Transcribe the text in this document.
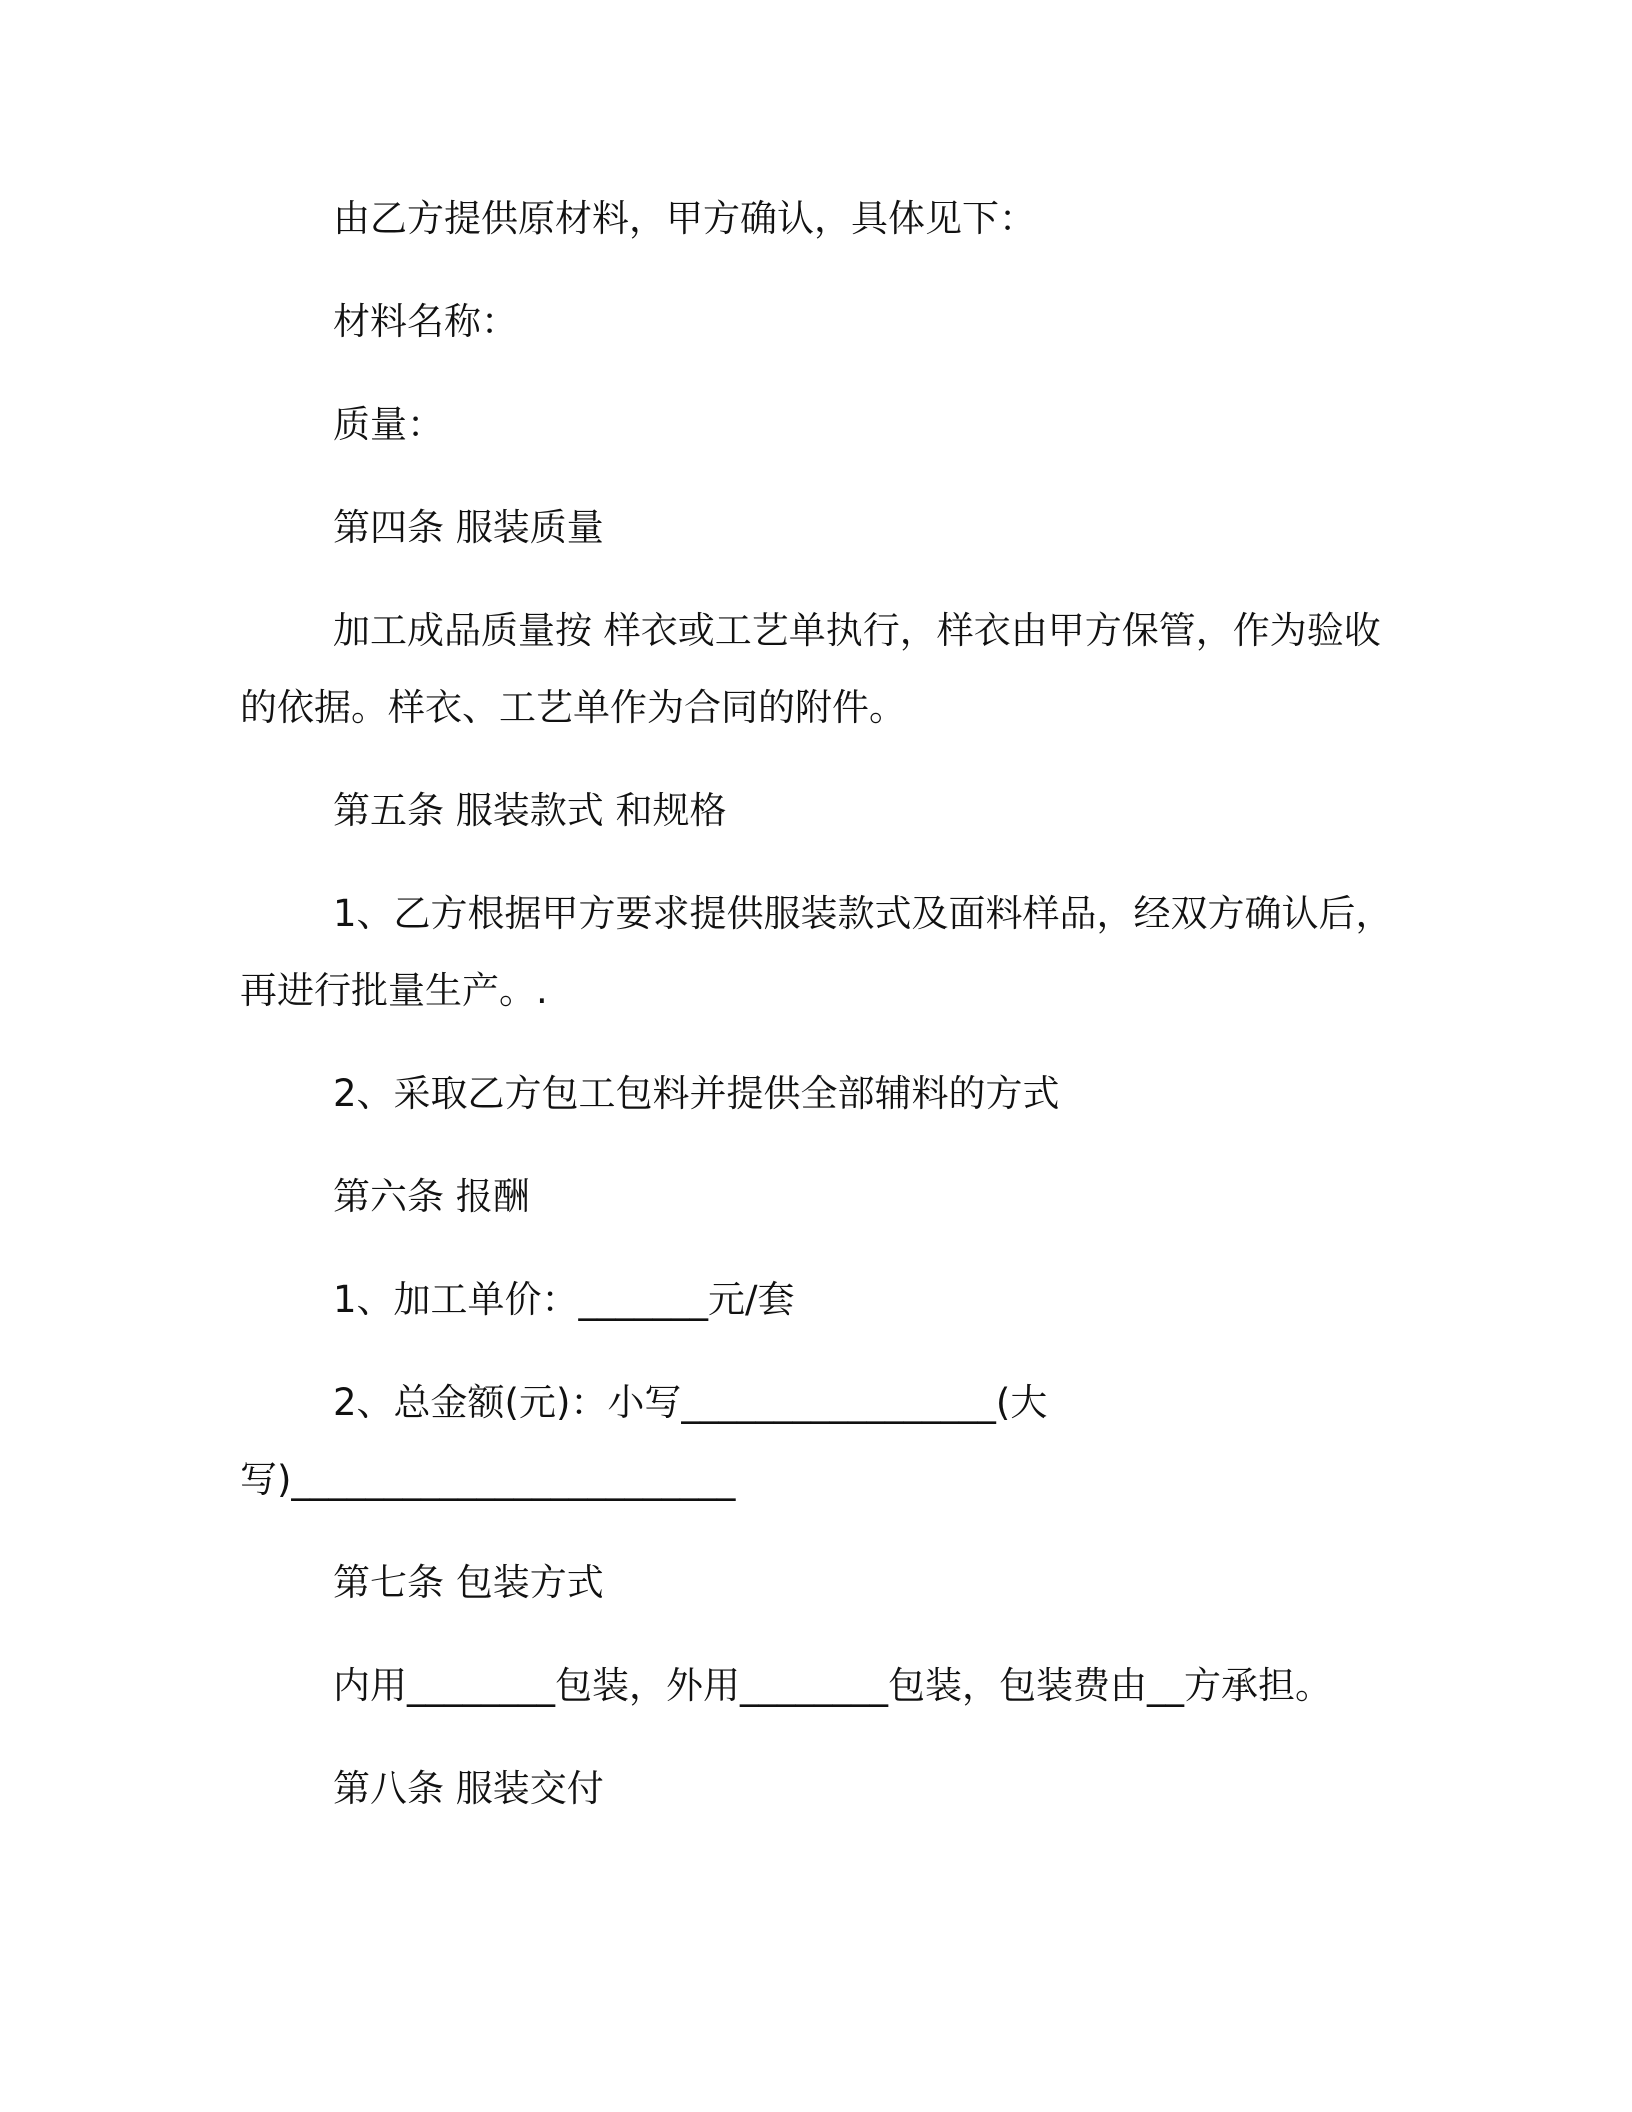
由乙方提供原材料，甲方确认，具体见下：

材料名称：

质量：

第四条 服装质量

加工成品质量按 样衣或工艺单执行，样衣由甲方保管，作为验收

的依据。样衣、工艺单作为合同的附件。

第五条 服装款式 和规格

1、乙方根据甲方要求提供服装款式及面料样品，经双方确认后，

再进行批量生产。.

2、采取乙方包工包料并提供全部辅料的方式

第六条 报酬

1、加工单价：_______元/套

2、总金额(元)：小写_________________(大

写)________________________

第七条 包装方式

内用________包装，外用________包装，包装费由__方承担。

第八条 服装交付
